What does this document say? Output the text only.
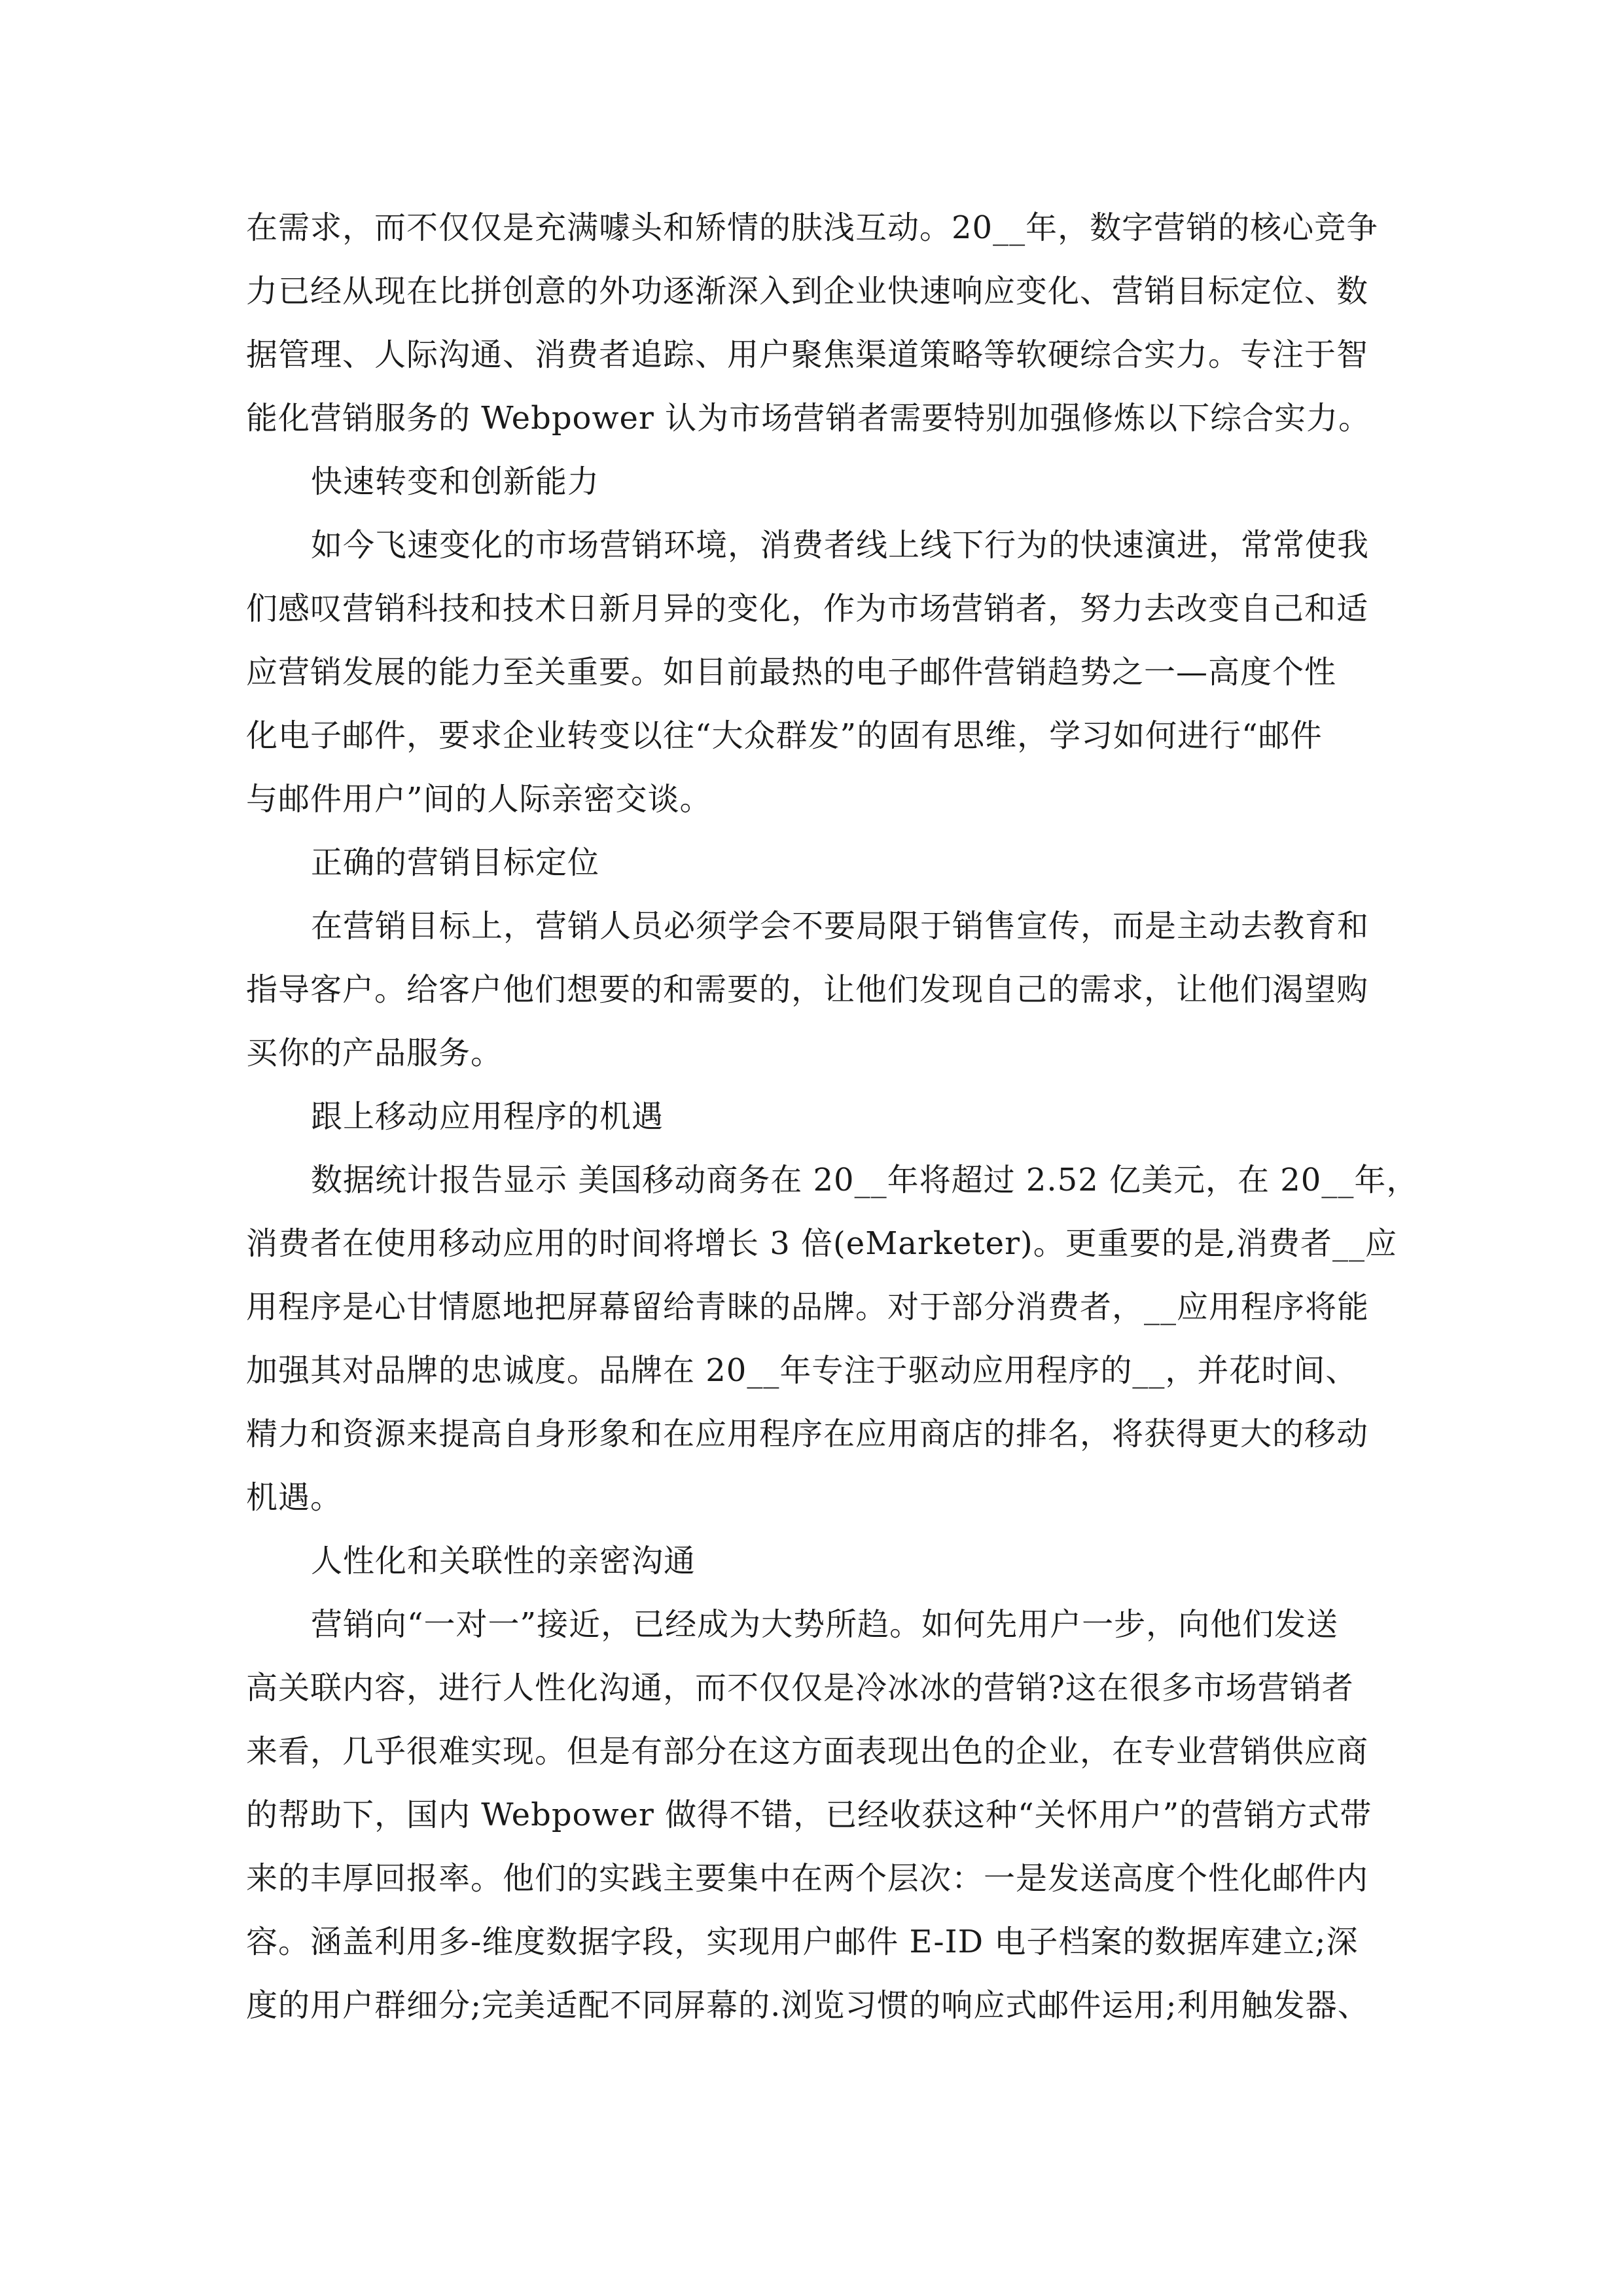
在需求，而不仅仅是充满噱头和矫情的肤浅互动。20__年，数字营销的核心竞争
力已经从现在比拼创意的外功逐渐深入到企业快速响应变化、营销目标定位、数
据管理、人际沟通、消费者追踪、用户聚焦渠道策略等软硬综合实力。专注于智
能化营销服务的 Webpower 认为市场营销者需要特别加强修炼以下综合实力。
快速转变和创新能力
如今飞速变化的市场营销环境，消费者线上线下行为的快速演进，常常使我
们感叹营销科技和技术日新月异的变化，作为市场营销者，努力去改变自己和适
应营销发展的能力至关重要。如目前最热的电子邮件营销趋势之一—高度个性
化电子邮件，要求企业转变以往“大众群发”的固有思维，学习如何进行“邮件
与邮件用户”间的人际亲密交谈。
正确的营销目标定位
在营销目标上，营销人员必须学会不要局限于销售宣传，而是主动去教育和
指导客户。给客户他们想要的和需要的，让他们发现自己的需求，让他们渴望购
买你的产品服务。
跟上移动应用程序的机遇
数据统计报告显示 美国移动商务在 20__年将超过 2.52 亿美元，在 20__年，
消费者在使用移动应用的时间将增长 3 倍(eMarketer)。更重要的是,消费者__应
用程序是心甘情愿地把屏幕留给青睐的品牌。对于部分消费者，__应用程序将能
加强其对品牌的忠诚度。品牌在 20__年专注于驱动应用程序的__，并花时间、
精力和资源来提高自身形象和在应用程序在应用商店的排名，将获得更大的移动
机遇。
人性化和关联性的亲密沟通
营销向“一对一”接近，已经成为大势所趋。如何先用户一步，向他们发送
高关联内容，进行人性化沟通，而不仅仅是冷冰冰的营销?这在很多市场营销者
来看，几乎很难实现。但是有部分在这方面表现出色的企业，在专业营销供应商
的帮助下，国内 Webpower 做得不错，已经收获这种“关怀用户”的营销方式带
来的丰厚回报率。他们的实践主要集中在两个层次：一是发送高度个性化邮件内
容。涵盖利用多-维度数据字段，实现用户邮件 E-ID 电子档案的数据库建立;深
度的用户群细分;完美适配不同屏幕的.浏览习惯的响应式邮件运用;利用触发器、
